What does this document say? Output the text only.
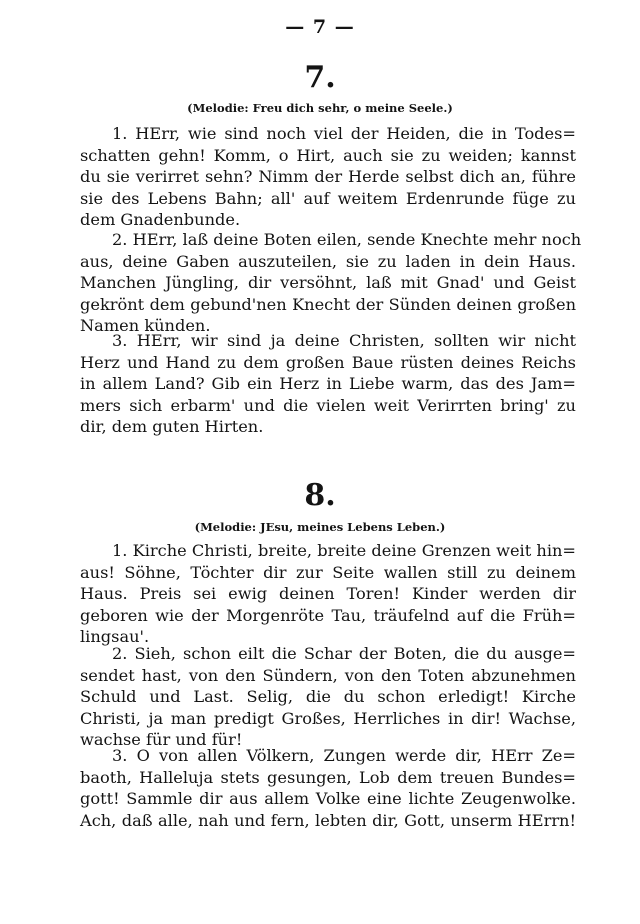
— 7 —
7.
(Melodie: Freu dich sehr, o meine Seele.)
1. HErr, wie sind noch viel der Heiden, die in Todes=
schatten gehn! Komm, o Hirt, auch sie zu weiden; kannst
du sie verirret sehn? Nimm der Herde selbst dich an, führe
sie des Lebens Bahn; all' auf weitem Erdenrunde füge zu
dem Gnadenbunde.
2. HErr, laß deine Boten eilen, sende Knechte mehr noch
aus, deine Gaben auszuteilen, sie zu laden in dein Haus.
Manchen Jüngling, dir versöhnt, laß mit Gnad' und Geist
gekrönt dem gebund'nen Knecht der Sünden deinen großen
Namen künden.
3. HErr, wir sind ja deine Christen, sollten wir nicht
Herz und Hand zu dem großen Baue rüsten deines Reichs
in allem Land? Gib ein Herz in Liebe warm, das des Jam=
mers sich erbarm' und die vielen weit Verirrten bring' zu
dir, dem guten Hirten.
8.
(Melodie: JEsu, meines Lebens Leben.)
1. Kirche Christi, breite, breite deine Grenzen weit hin=
aus! Söhne, Töchter dir zur Seite wallen still zu deinem
Haus. Preis sei ewig deinen Toren! Kinder werden dir
geboren wie der Morgenröte Tau, träufelnd auf die Früh=
lingsau'.
2. Sieh, schon eilt die Schar der Boten, die du ausge=
sendet hast, von den Sündern, von den Toten abzunehmen
Schuld und Last. Selig, die du schon erledigt! Kirche
Christi, ja man predigt Großes, Herrliches in dir! Wachse,
wachse für und für!
3. O von allen Völkern, Zungen werde dir, HErr Ze=
baoth, Halleluja stets gesungen, Lob dem treuen Bundes=
gott! Sammle dir aus allem Volke eine lichte Zeugenwolke.
Ach, daß alle, nah und fern, lebten dir, Gott, unserm HErrn!
